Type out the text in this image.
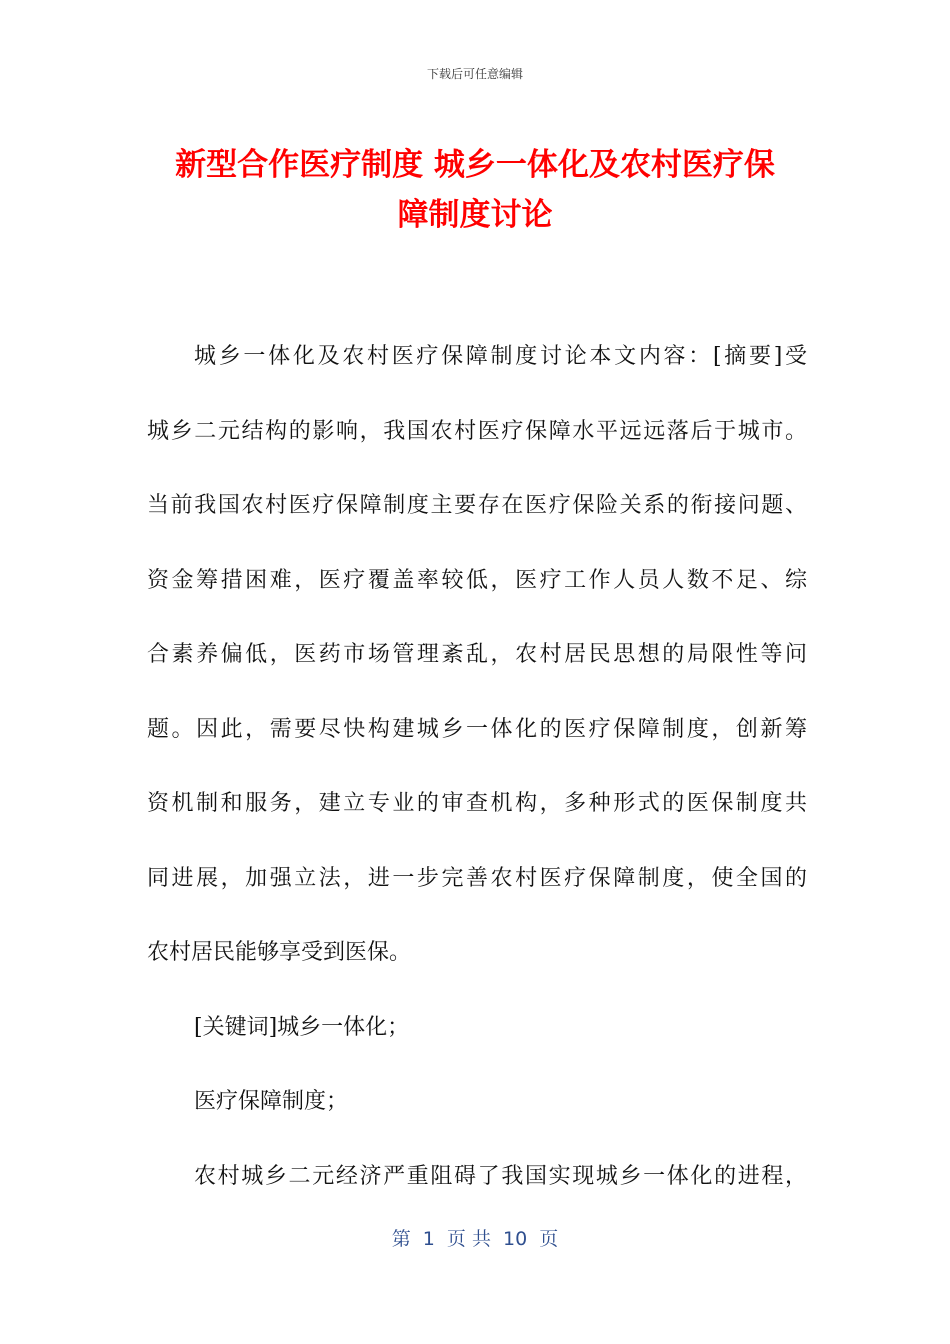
下载后可任意编辑
新型合作医疗制度 城乡一体化及农村医疗保
障制度讨论
城乡一体化及农村医疗保障制度讨论本文内容：[摘要]受
城乡二元结构的影响，我国农村医疗保障水平远远落后于城市。
当前我国农村医疗保障制度主要存在医疗保险关系的衔接问题、
资金筹措困难，医疗覆盖率较低，医疗工作人员人数不足、综
合素养偏低，医药市场管理紊乱，农村居民思想的局限性等问
题。因此，需要尽快构建城乡一体化的医疗保障制度，创新筹
资机制和服务，建立专业的审查机构，多种形式的医保制度共
同进展，加强立法，进一步完善农村医疗保障制度，使全国的
农村居民能够享受到医保。
[关键词]城乡一体化；
医疗保障制度；
农村城乡二元经济严重阻碍了我国实现城乡一体化的进程，
第  1  页 共  10  页
